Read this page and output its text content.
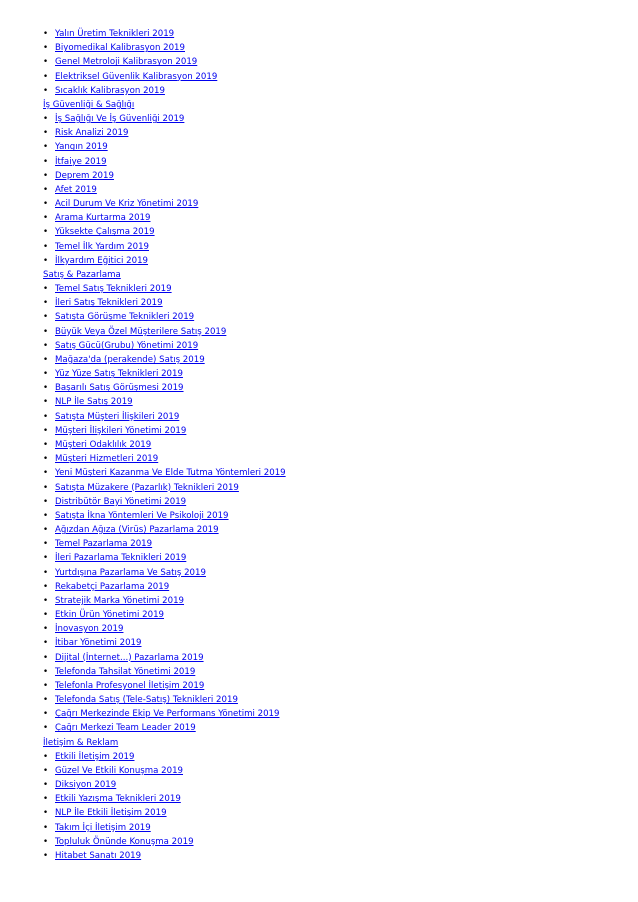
• Yalın Üretim Teknikleri 2019
• Biyomedikal Kalibrasyon 2019
• Genel Metroloji Kalibrasyon 2019
• Elektriksel Güvenlik Kalibrasyon 2019
• Sıcaklık Kalibrasyon 2019
İş Güvenliği & Sağlığı
• İş Sağlığı Ve İş Güvenliği 2019
• Risk Analizi 2019
• Yangın 2019
• İtfaiye 2019
• Deprem 2019
• Afet 2019
• Acil Durum Ve Kriz Yönetimi 2019
• Arama Kurtarma 2019
• Yüksekte Çalışma 2019
• Temel İlk Yardım 2019
• İlkyardım Eğitici 2019
Satış & Pazarlama
• Temel Satış Teknikleri 2019
• İleri Satış Teknikleri 2019
• Satışta Görüşme Teknikleri 2019
• Büyük Veya Özel Müşterilere Satış 2019
• Satış Gücü(Grubu) Yönetimi 2019
• Mağaza'da (perakende) Satış 2019
• Yüz Yüze Satış Teknikleri 2019
• Başarılı Satış Görüşmesi 2019
• NLP İle Satış 2019
• Satışta Müşteri İlişkileri 2019
• Müşteri İlişkileri Yönetimi 2019
• Müşteri Odaklılık 2019
• Müşteri Hizmetleri 2019
• Yeni Müşteri Kazanma Ve Elde Tutma Yöntemleri 2019
• Satışta Müzakere (Pazarlık) Teknikleri 2019
• Distribütör Bayi Yönetimi 2019
• Satışta İkna Yöntemleri Ve Psikoloji 2019
• Ağızdan Ağıza (Virüs) Pazarlama 2019
• Temel Pazarlama 2019
• İleri Pazarlama Teknikleri 2019
• Yurtdışına Pazarlama Ve Satış 2019
• Rekabetçi Pazarlama 2019
• Stratejik Marka Yönetimi 2019
• Etkin Ürün Yönetimi 2019
• İnovasyon 2019
• İtibar Yönetimi 2019
• Dijital (İnternet...) Pazarlama 2019
• Telefonda Tahsilat Yönetimi 2019
• Telefonla Profesyonel İletişim 2019
• Telefonda Satış (Tele-Satış) Teknikleri 2019
• Çağrı Merkezinde Ekip Ve Performans Yönetimi 2019
• Çağrı Merkezi Team Leader 2019
İletişim & Reklam
• Etkili İletişim 2019
• Güzel Ve Etkili Konuşma 2019
• Diksiyon 2019
• Etkili Yazışma Teknikleri 2019
• NLP İle Etkili İletişim 2019
• Takım İçi İletişim 2019
• Topluluk Önünde Konuşma 2019
• Hitabet Sanatı 2019
